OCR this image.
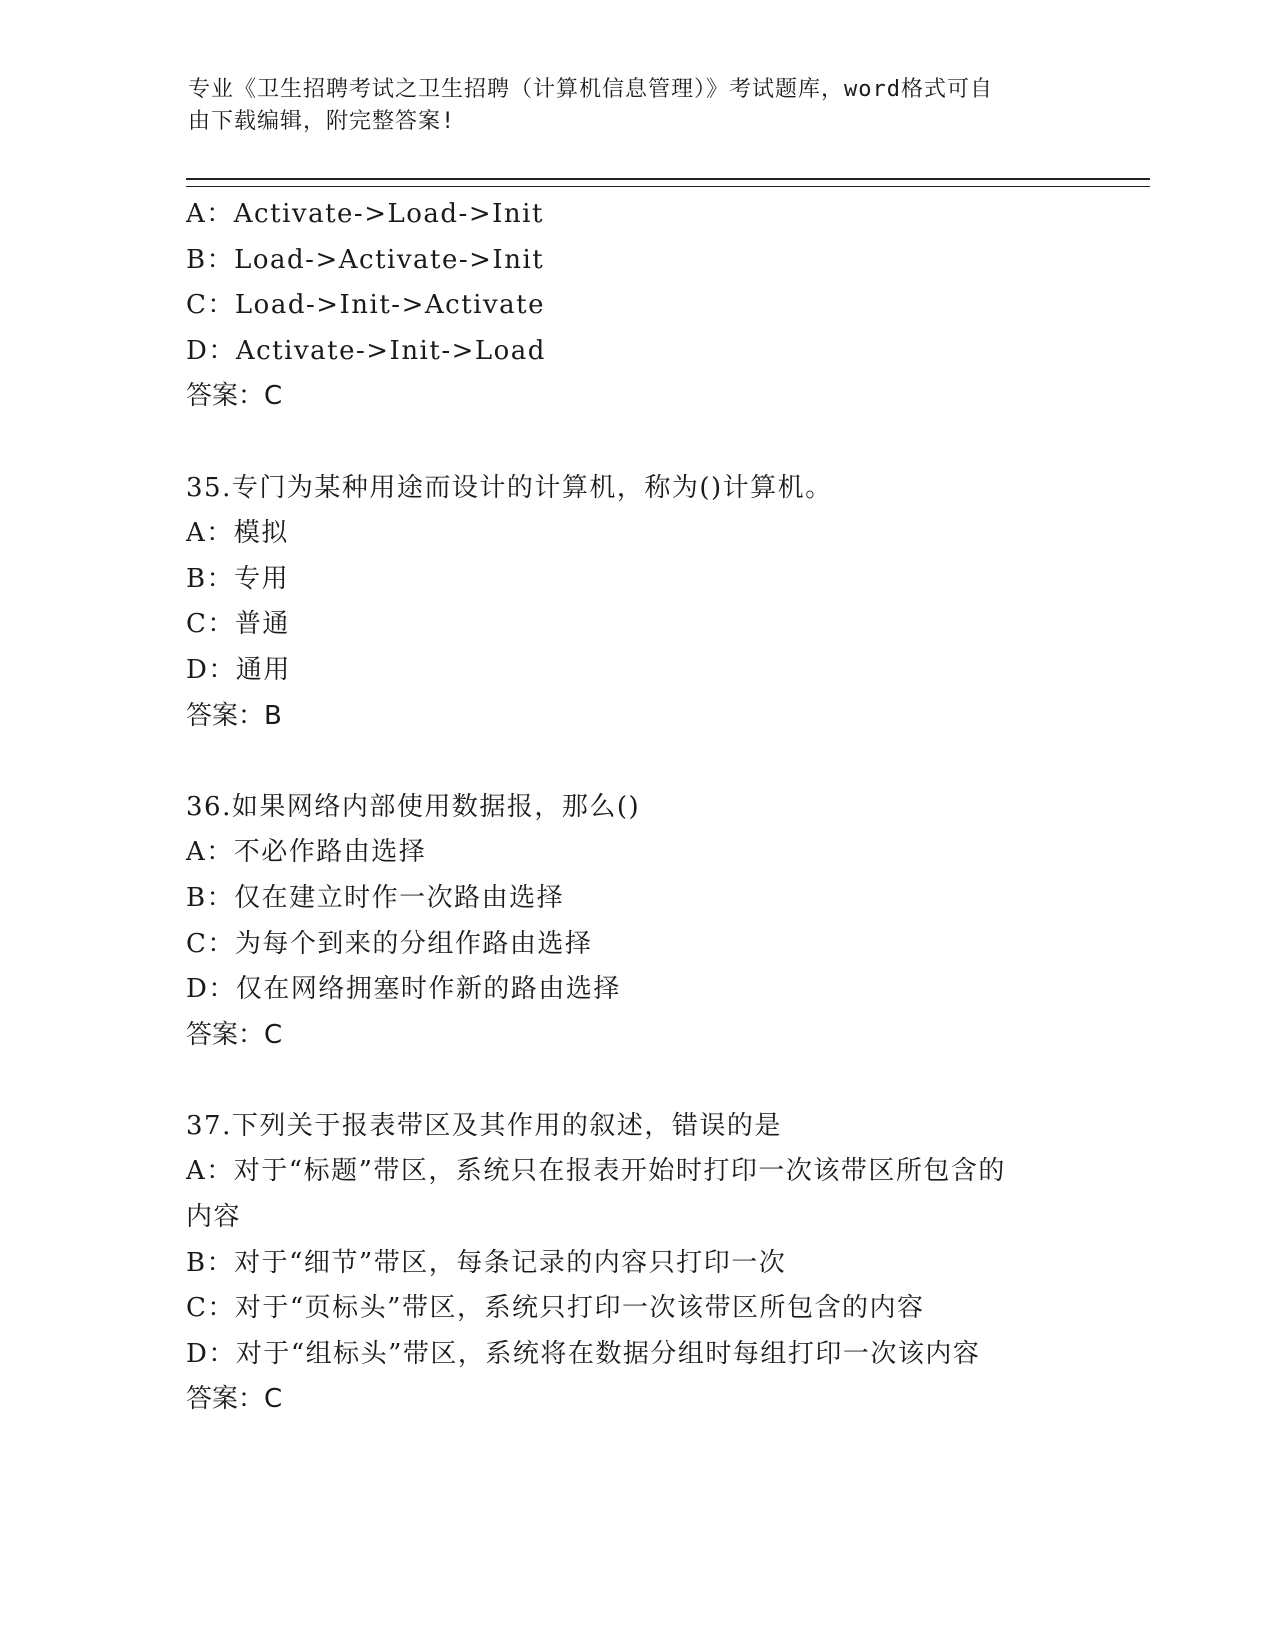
专业《卫生招聘考试之卫生招聘（计算机信息管理）》考试题库，word格式可自
由下载编辑，附完整答案!
A：Activate->Load->Init
B：Load->Activate->Init
C：Load->Init->Activate
D：Activate->Init->Load
答案：C
35.专门为某种用途而设计的计算机，称为()计算机。
A：模拟
B：专用
C：普通
D：通用
答案：B
36.如果网络内部使用数据报，那么()
A：不必作路由选择
B：仅在建立时作一次路由选择
C：为每个到来的分组作路由选择
D：仅在网络拥塞时作新的路由选择
答案：C
37.下列关于报表带区及其作用的叙述，错误的是
A：对于“标题”带区，系统只在报表开始时打印一次该带区所包含的
内容
B：对于“细节”带区，每条记录的内容只打印一次
C：对于“页标头”带区，系统只打印一次该带区所包含的内容
D：对于“组标头”带区，系统将在数据分组时每组打印一次该内容
答案：C
